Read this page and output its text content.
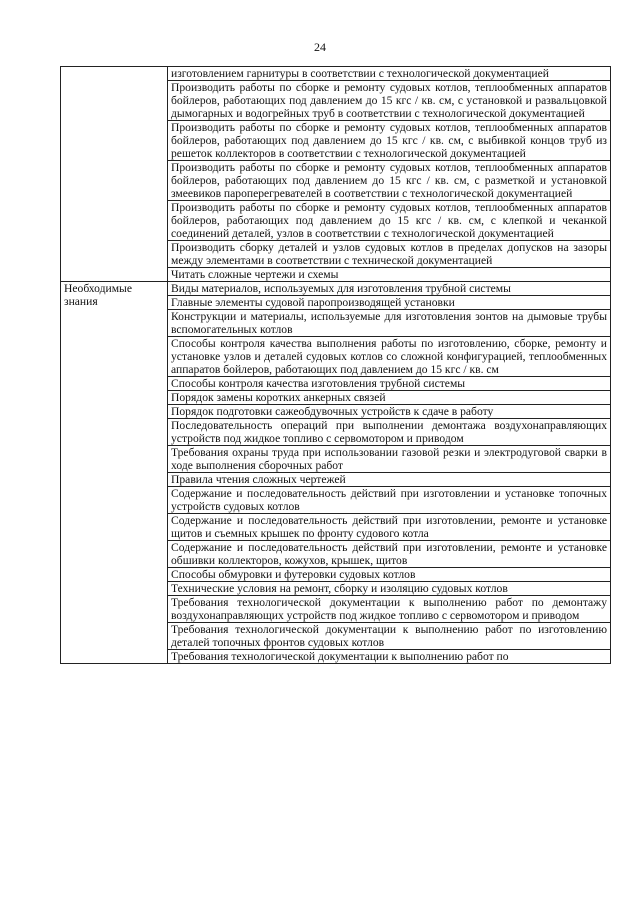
24
	изготовлением гарнитуры в соответствии с технологической документацией
	Производить работы по сборке и ремонту судовых котлов, теплообменных аппаратов бойлеров, работающих под давлением до 15 кгс / кв. см, с установкой и развальцовкой дымогарных и водогрейных труб в соответствии с технологической документацией
	Производить работы по сборке и ремонту судовых котлов, теплообменных аппаратов бойлеров, работающих под давлением до 15 кгс / кв. см, с выбивкой концов труб из решеток коллекторов в соответствии с технологической документацией
	Производить работы по сборке и ремонту судовых котлов, теплообменных аппаратов бойлеров, работающих под давлением до 15 кгс / кв. см, с разметкой и установкой змеевиков пароперегревателей в соответствии с технологической документацией
	Производить работы по сборке и ремонту судовых котлов, теплообменных аппаратов бойлеров, работающих под давлением до 15 кгс / кв. см, с клепкой и чеканкой соединений деталей, узлов в соответствии с технологической документацией
	Производить сборку деталей и узлов судовых котлов в пределах допусков на зазоры между элементами в соответствии с технической документацией
	Читать сложные чертежи и схемы

Необходимые
знания	Виды материалов, используемых для изготовления трубной системы
	Главные элементы судовой паропроизводящей установки
	Конструкции и материалы, используемые для изготовления зонтов на дымовые трубы вспомогательных котлов
	Способы контроля качества выполнения работы по изготовлению, сборке, ремонту и установке узлов и деталей судовых котлов со сложной конфигурацией, теплообменных аппаратов бойлеров, работающих под давлением до 15 кгс / кв. см
	Способы контроля качества изготовления трубной системы
	Порядок замены коротких анкерных связей
	Порядок подготовки сажеобдувочных устройств к сдаче в работу
	Последовательность операций при выполнении демонтажа воздухонаправляющих устройств под жидкое топливо с сервомотором и приводом
	Требования охраны труда при использовании газовой резки и электродуговой сварки в ходе выполнения сборочных работ
	Правила чтения сложных чертежей
	Содержание и последовательность действий при изготовлении и установке топочных устройств судовых котлов
	Содержание и последовательность действий при изготовлении, ремонте и установке щитов и съемных крышек по фронту судового котла
	Содержание и последовательность действий при изготовлении, ремонте и установке обшивки коллекторов, кожухов, крышек, щитов
	Способы обмуровки и футеровки судовых котлов
	Технические условия на ремонт, сборку и изоляцию судовых котлов
	Требования технологической документации к выполнению работ по демонтажу воздухонаправляющих устройств под жидкое топливо с сервомотором и приводом
	Требования технологической документации к выполнению работ по изготовлению деталей топочных фронтов судовых котлов
	Требования технологической документации к выполнению работ по
